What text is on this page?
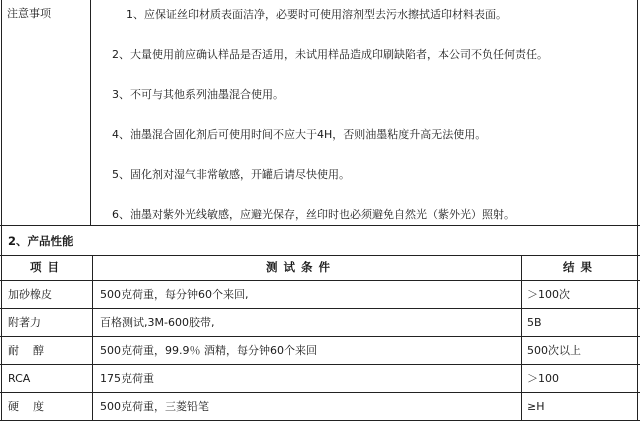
注意事项	1、应保证丝印材质表面洁净，必要时可使用溶剂型去污水擦拭适印材料表面。
2、大量使用前应确认样品是否适用，未试用样品造成印刷缺陷者，本公司不负任何责任。
3、不可与其他系列油墨混合使用。
4、油墨混合固化剂后可使用时间不应大于4H，否则油墨粘度升高无法使用。
5、固化剂对湿气非常敏感，开罐后请尽快使用。
6、油墨对紫外光线敏感，应避光保存，丝印时也必须避免自然光（紫外光）照射。
2、产品性能
项 目	测 试 条 件	结 果
加砂橡皮	500克荷重，每分钟60个来回,	＞100次
附著力	百格测试,3M-600胶带,	5B
耐    醇	500克荷重，99.9％ 酒精，每分钟60个来回	500次以上
RCA	175克荷重	＞100
硬    度	500克荷重，三菱铅笔	≥H
